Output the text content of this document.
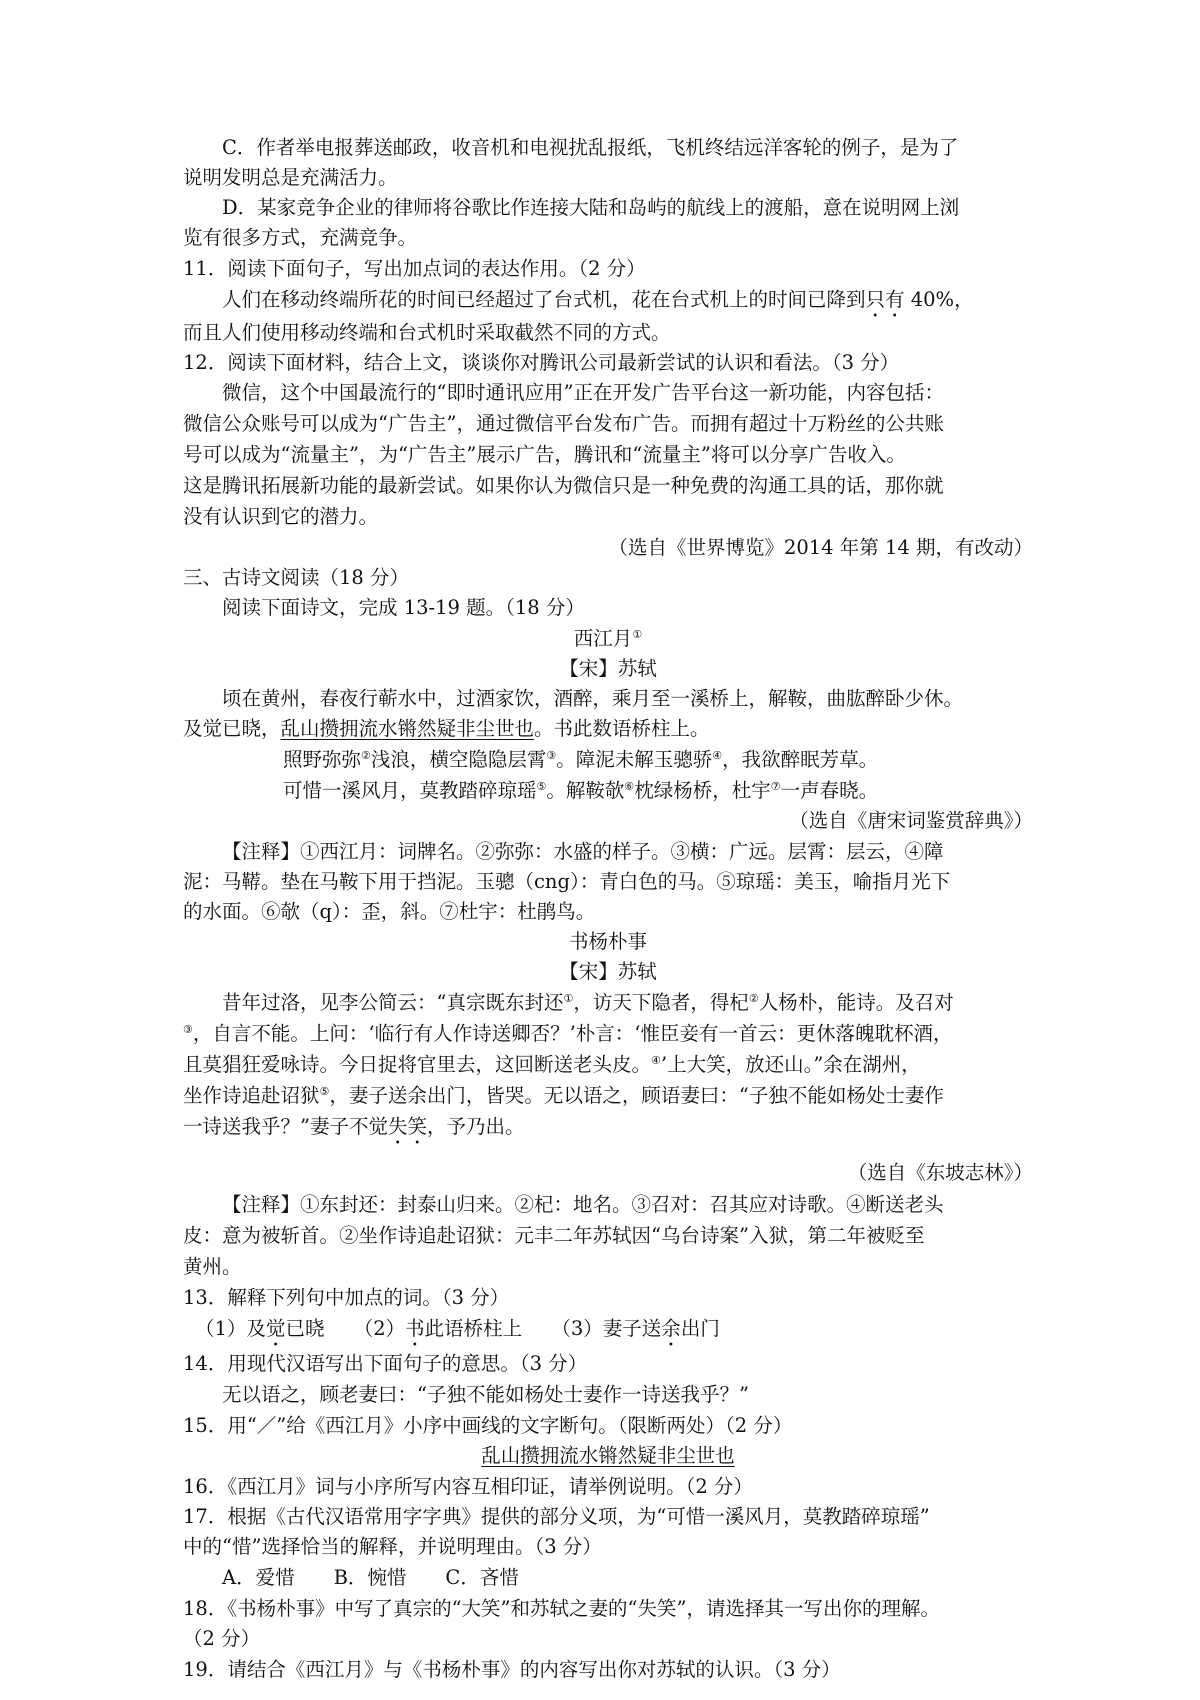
C．作者举电报葬送邮政，收音机和电视扰乱报纸，飞机终结远洋客轮的例子，是为了
说明发明总是充满活力。
D．某家竞争企业的律师将谷歌比作连接大陆和岛屿的航线上的渡船，意在说明网上浏
览有很多方式，充满竞争。
11．阅读下面句子，写出加点词的表达作用。（2 分）
人们在移动终端所花的时间已经超过了台式机，花在台式机上的时间已降到只有 40%，
而且人们使用移动终端和台式机时采取截然不同的方式。
12．阅读下面材料，结合上文，谈谈你对腾讯公司最新尝试的认识和看法。（3 分）
微信，这个中国最流行的“即时通讯应用”正在开发广告平台这一新功能，内容包括：
微信公众账号可以成为“广告主”，通过微信平台发布广告。而拥有超过十万粉丝的公共账
号可以成为“流量主”，为“广告主”展示广告，腾讯和“流量主”将可以分享广告收入。
这是腾讯拓展新功能的最新尝试。如果你认为微信只是一种免费的沟通工具的话，那你就
没有认识到它的潜力。
（选自《世界博览》2014 年第 14 期，有改动）
三、古诗文阅读（18 分）
阅读下面诗文，完成 13-19 题。（18 分）
西江月①
【宋】苏轼
顷在黄州，春夜行蕲水中，过酒家饮，酒醉，乘月至一溪桥上，解鞍，曲肱醉卧少休。
及觉已晓，乱山攒拥流水锵然疑非尘世也。书此数语桥柱上。
照野弥弥②浅浪，横空隐隐层霄③。障泥未解玉骢骄④，我欲醉眠芳草。
可惜一溪风月，莫教踏碎琼瑶⑤。解鞍欹⑥枕绿杨桥，杜宇⑦一声春晓。
（选自《唐宋词鉴赏辞典》）
【注释】①西江月：词牌名。②弥弥：水盛的样子。③横：广远。层霄：层云，④障
泥：马鞯。垫在马鞍下用于挡泥。玉骢（cng）：青白色的马。⑤琼瑶：美玉，喻指月光下
的水面。⑥欹（q）：歪，斜。⑦杜宇：杜鹃鸟。
书杨朴事
【宋】苏轼
昔年过洛，见李公简云：“真宗既东封还①，访天下隐者，得杞②人杨朴，能诗。及召对
③，自言不能。上问：‘临行有人作诗送卿否？’朴言：‘惟臣妾有一首云：更休落魄耽杯酒，
且莫猖狂爱咏诗。今日捉将官里去，这回断送老头皮。④’上大笑，放还山。”余在湖州，
坐作诗追赴诏狱⑤，妻子送余出门，皆哭。无以语之，顾语妻曰：“子独不能如杨处士妻作
一诗送我乎？”妻子不觉失笑，予乃出。
（选自《东坡志林》）
【注释】①东封还：封泰山归来。②杞：地名。③召对：召其应对诗歌。④断送老头
皮：意为被斩首。②坐作诗追赴诏狱：元丰二年苏轼因“乌台诗案”入狱，第二年被贬至
黄州。
13．解释下列句中加点的词。（3 分）
（1）及觉已晓　　（2）书此语桥柱上　　（3）妻子送余出门
14．用现代汉语写出下面句子的意思。（3 分）
无以语之，顾老妻曰：“子独不能如杨处士妻作一诗送我乎？”
15．用“／”给《西江月》小序中画线的文字断句。（限断两处）（2 分）
乱山攒拥流水锵然疑非尘世也
16．《西江月》词与小序所写内容互相印证，请举例说明。（2 分）
17．根据《古代汉语常用字字典》提供的部分义项，为“可惜一溪风月，莫教踏碎琼瑶”
中的“惜”选择恰当的解释，并说明理由。（3 分）
A．爱惜　　B．惋惜　　C．吝惜
18．《书杨朴事》中写了真宗的“大笑”和苏轼之妻的“失笑”，请选择其一写出你的理解。
（2 分）
19．请结合《西江月》与《书杨朴事》的内容写出你对苏轼的认识。（3 分）
